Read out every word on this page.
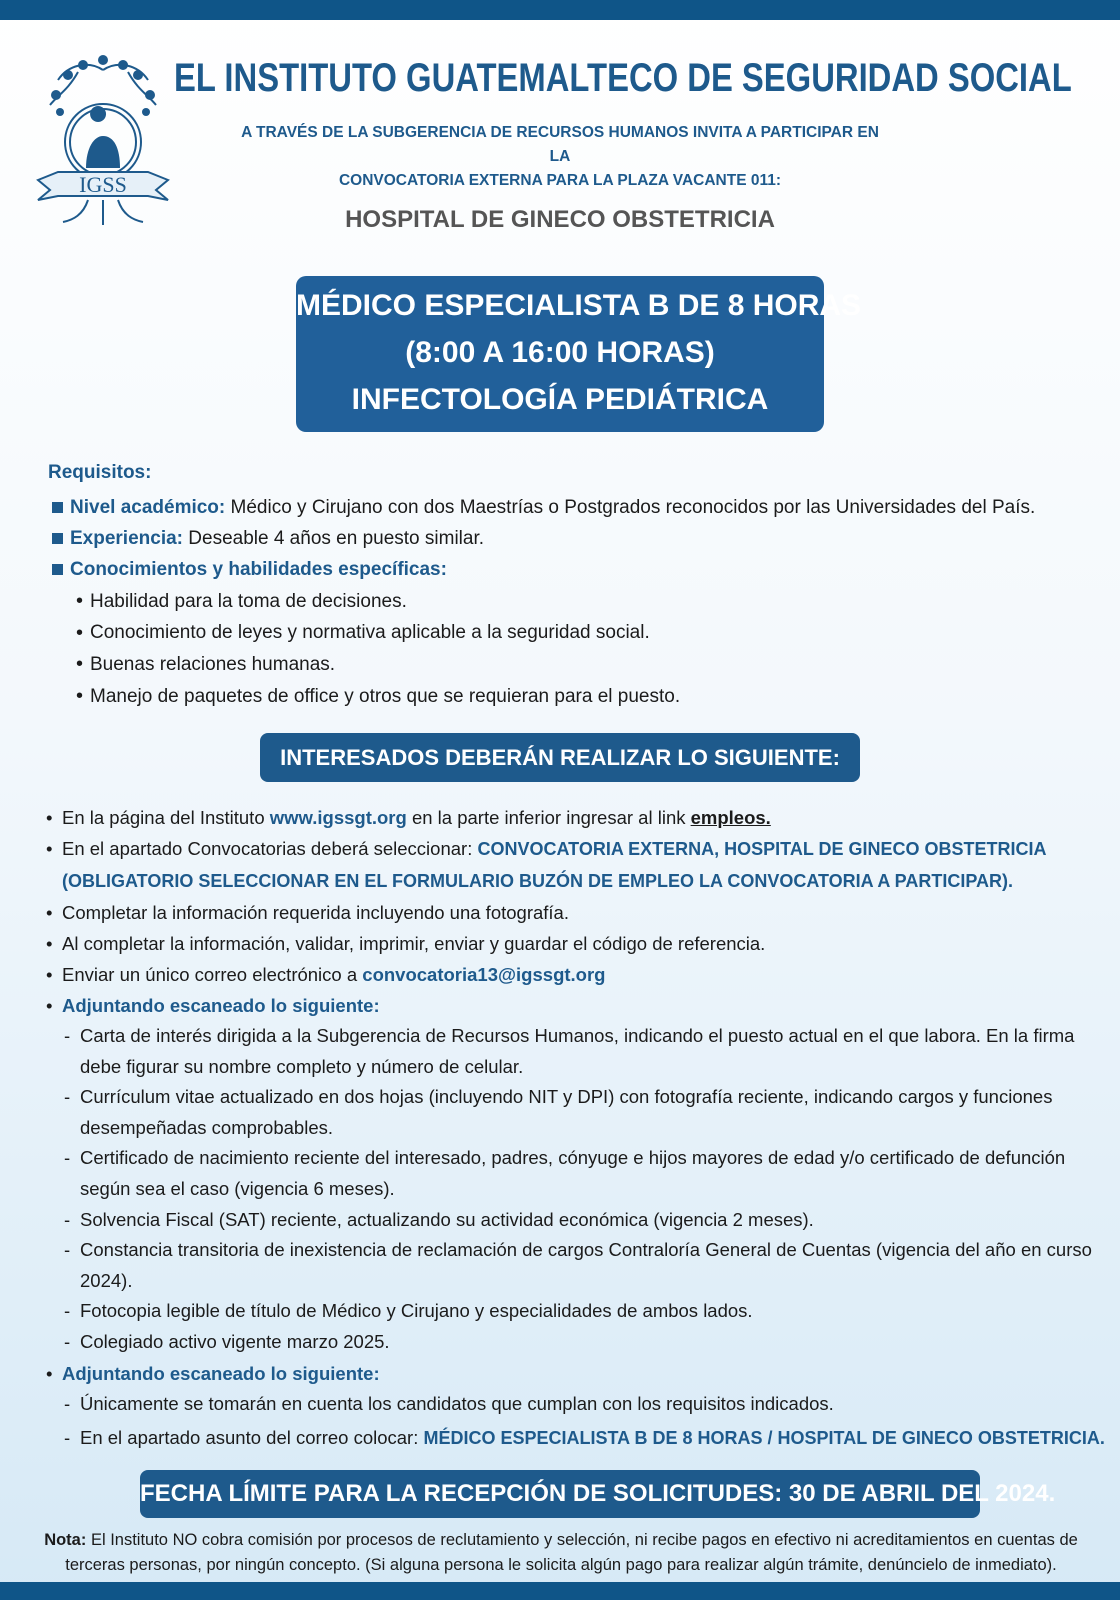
IGSS
EL INSTITUTO GUATEMALTECO DE SEGURIDAD SOCIAL
A TRAVÉS DE LA SUBGERENCIA DE RECURSOS HUMANOS INVITA A PARTICIPAR EN LA
CONVOCATORIA EXTERNA PARA LA PLAZA VACANTE 011:
HOSPITAL DE GINECO OBSTETRICIA
MÉDICO ESPECIALISTA B DE 8 HORAS
(8:00 A 16:00 HORAS)
INFECTOLOGÍA PEDIÁTRICA
Requisitos:
Nivel académico: Médico y Cirujano con dos Maestrías o Postgrados reconocidos por las Universidades del País.
Experiencia: Deseable 4 años en puesto similar.
Conocimientos y habilidades específicas:
• Habilidad para la toma de decisiones.
• Conocimiento de leyes y normativa aplicable a la seguridad social.
• Buenas relaciones humanas.
• Manejo de paquetes de office y otros que se requieran para el puesto.
INTERESADOS DEBERÁN REALIZAR LO SIGUIENTE:
• En la página del Instituto www.igssgt.org en la parte inferior ingresar al link empleos.
• En el apartado Convocatorias deberá seleccionar: CONVOCATORIA EXTERNA, HOSPITAL DE GINECO OBSTETRICIA
(OBLIGATORIO SELECCIONAR EN EL FORMULARIO BUZÓN DE EMPLEO LA CONVOCATORIA A PARTICIPAR).
• Completar la información requerida incluyendo una fotografía.
• Al completar la información, validar, imprimir, enviar y guardar el código de referencia.
• Enviar un único correo electrónico a convocatoria13@igssgt.org
• Adjuntando escaneado lo siguiente:
- Carta de interés dirigida a la Subgerencia de Recursos Humanos, indicando el puesto actual en el que labora. En la firma debe figurar su nombre completo y número de celular.
- Currículum vitae actualizado en dos hojas (incluyendo NIT y DPI) con fotografía reciente, indicando cargos y funciones desempeñadas comprobables.
- Certificado de nacimiento reciente del interesado, padres, cónyuge e hijos mayores de edad y/o certificado de defunción según sea el caso (vigencia 6 meses).
- Solvencia Fiscal (SAT) reciente, actualizando su actividad económica (vigencia 2 meses).
- Constancia transitoria de inexistencia de reclamación de cargos Contraloría General de Cuentas (vigencia del año en curso 2024).
- Fotocopia legible de título de Médico y Cirujano y especialidades de ambos lados.
- Colegiado activo vigente marzo 2025.
• Adjuntando escaneado lo siguiente:
- Únicamente se tomarán en cuenta los candidatos que cumplan con los requisitos indicados.
- En el apartado asunto del correo colocar: MÉDICO ESPECIALISTA B DE 8 HORAS / HOSPITAL DE GINECO OBSTETRICIA.
FECHA LÍMITE PARA LA RECEPCIÓN DE SOLICITUDES: 30 DE ABRIL DEL 2024.
Nota: El Instituto NO cobra comisión por procesos de reclutamiento y selección, ni recibe pagos en efectivo ni acreditamientos en cuentas de terceras personas, por ningún concepto. (Si alguna persona le solicita algún pago para realizar algún trámite, denúncielo de inmediato).
